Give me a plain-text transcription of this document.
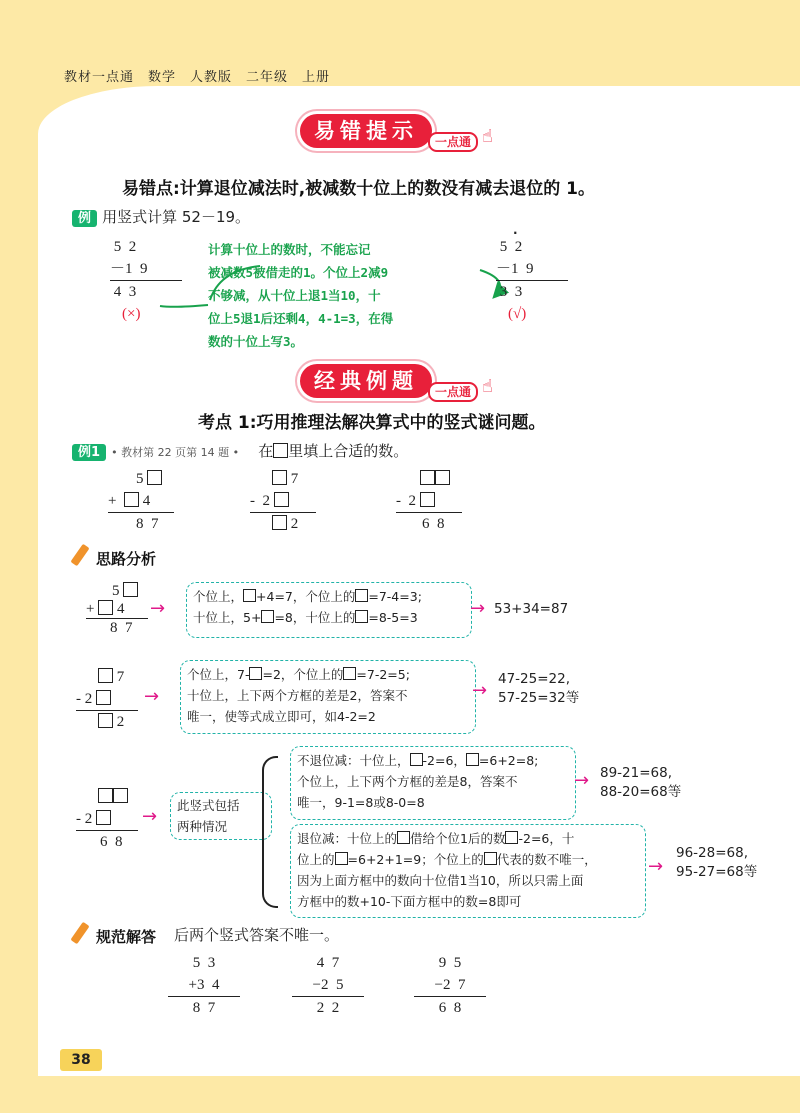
教材一点通　数学　人教版　二年级　上册
易错提示	一点通 ☝
易错点:计算退位减法时,被减数十位上的数没有减去退位的 1。
例 用竖式计算 52－19。
5  2
－1  9
4  3
(×)
计算十位上的数时，不能忘记
被减数5被借走的1。个位上2减9
不够减，从十位上退1当10，十
位上5退1后还剩4，4-1=3，在得
数的十位上写3。
5  2
－1  9
3  3
(√)
·
经典例题	一点通 ☝
考点 1:巧用推理法解决算式中的竖式谜问题。
例1 • 教材第 22 页第 14 题 • 在 里填上合适的数。
5
+ 4
8  7
7
- 2
2
- 2
6  8
思路分析
5
+ 4
8  7
→
个位上， +4=7，个位上的 =7-4=3;
十位上，5+ =8，十位上的 =8-5=3	→ 53+34=87
7
- 2
2
→
个位上，7- =2，个位上的 =7-2=5;
十位上，上下两个方框的差是2，答案不
唯一，使等式成立即可，如4-2=2
→
47-25=22,
57-25=32等
- 2
6  8
→
此竖式包括
两种情况
不退位减：十位上， -2=6， =6+2=8;
个位上，上下两个方框的差是8，答案不
唯一，9-1=8或8-0=8
→ 89-21=68,
88-20=68等
退位减：十位上的 借给个位1后的数 -2=6，十
位上的 =6+2+1=9；个位上的 代表的数不唯一，
因为上面方框中的数向十位借1当10，所以只需上面
方框中的数+10-下面方框中的数=8即可
→
96-28=68,
95-27=68等
规范解答 后两个竖式答案不唯一。
5  3
+3  4
8  7
4  7
−2  5
2  2
9  5
−2  7
6  8
38
